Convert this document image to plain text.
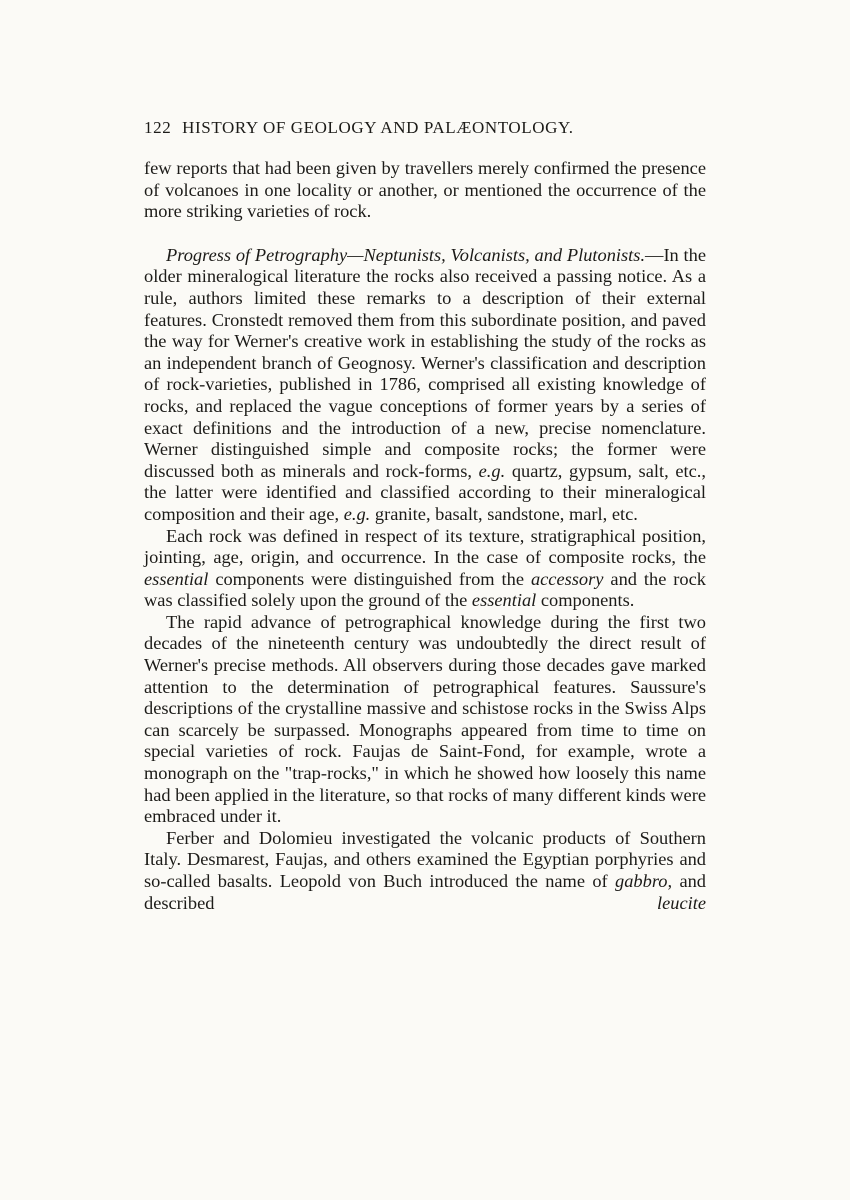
122 HISTORY OF GEOLOGY AND PALÆONTOLOGY.

few reports that had been given by travellers merely confirmed the presence of volcanoes in one locality or another, or mentioned the occurrence of the more striking varieties of rock.

Progress of Petrography—Neptunists, Volcanists, and Plutonists.—In the older mineralogical literature the rocks also received a passing notice. As a rule, authors limited these remarks to a description of their external features. Cronstedt removed them from this subordinate position, and paved the way for Werner's creative work in establishing the study of the rocks as an independent branch of Geognosy. Werner's classification and description of rock-varieties, published in 1786, comprised all existing knowledge of rocks, and replaced the vague conceptions of former years by a series of exact definitions and the introduction of a new, precise nomenclature. Werner distinguished simple and composite rocks; the former were discussed both as minerals and rock-forms, e.g. quartz, gypsum, salt, etc., the latter were identified and classified according to their mineralogical composition and their age, e.g. granite, basalt, sandstone, marl, etc.

Each rock was defined in respect of its texture, stratigraphical position, jointing, age, origin, and occurrence. In the case of composite rocks, the essential components were distinguished from the accessory and the rock was classified solely upon the ground of the essential components.

The rapid advance of petrographical knowledge during the first two decades of the nineteenth century was undoubtedly the direct result of Werner's precise methods. All observers during those decades gave marked attention to the determination of petrographical features. Saussure's descriptions of the crystalline massive and schistose rocks in the Swiss Alps can scarcely be surpassed. Monographs appeared from time to time on special varieties of rock. Faujas de Saint-Fond, for example, wrote a monograph on the "trap-rocks," in which he showed how loosely this name had been applied in the literature, so that rocks of many different kinds were embraced under it.

Ferber and Dolomieu investigated the volcanic products of Southern Italy. Desmarest, Faujas, and others examined the Egyptian porphyries and so-called basalts. Leopold von Buch introduced the name of gabbro, and described	leucite
